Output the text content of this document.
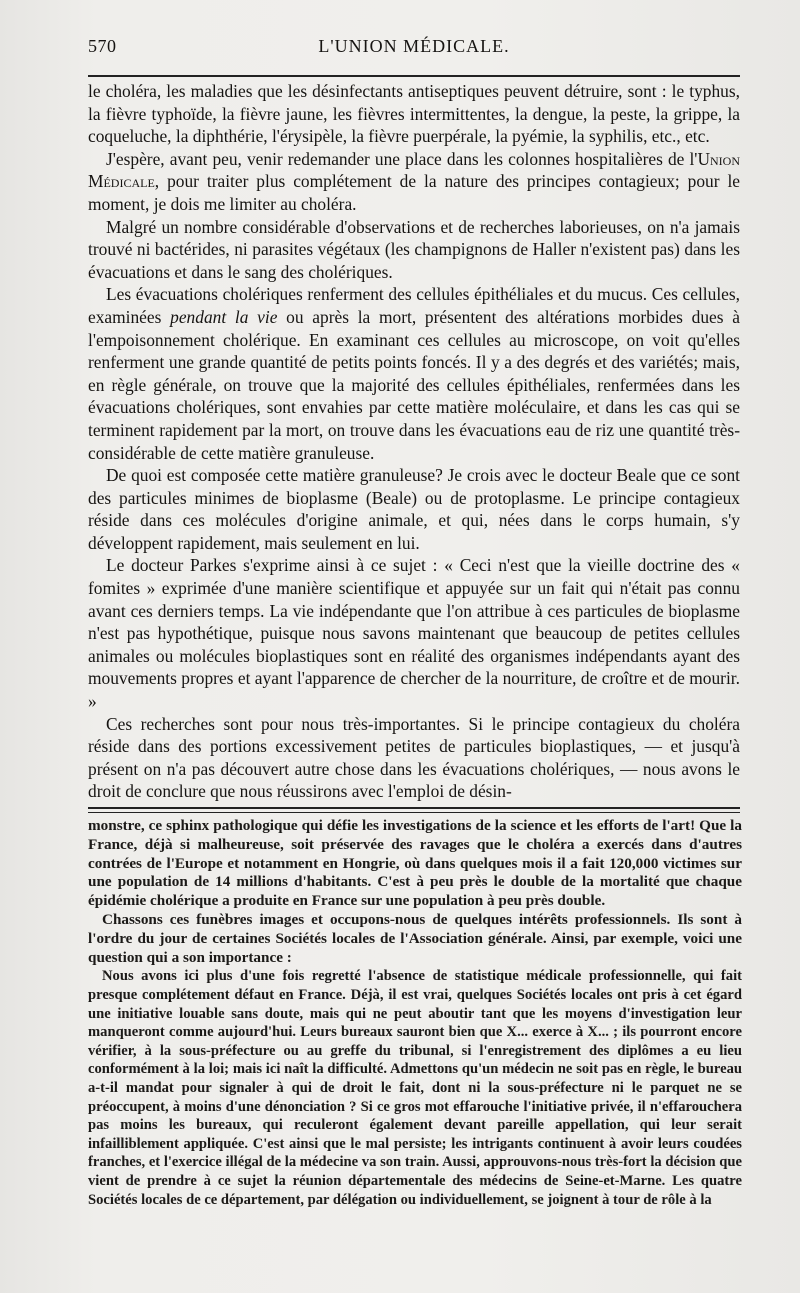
570	L'UNION MÉDICALE.

le choléra, les maladies que les désinfectants antiseptiques peuvent détruire, sont : le typhus, la fièvre typhoïde, la fièvre jaune, les fièvres intermittentes, la dengue, la peste, la grippe, la coqueluche, la diphthérie, l'érysipèle, la fièvre puerpérale, la pyémie, la syphilis, etc., etc.

J'espère, avant peu, venir redemander une place dans les colonnes hospitalières de l'Union Médicale, pour traiter plus complétement de la nature des principes contagieux; pour le moment, je dois me limiter au choléra.

Malgré un nombre considérable d'observations et de recherches laborieuses, on n'a jamais trouvé ni bactérides, ni parasites végétaux (les champignons de Haller n'existent pas) dans les évacuations et dans le sang des cholériques.

Les évacuations cholériques renferment des cellules épithéliales et du mucus. Ces cellules, examinées pendant la vie ou après la mort, présentent des altérations morbides dues à l'empoisonnement cholérique. En examinant ces cellules au microscope, on voit qu'elles renferment une grande quantité de petits points foncés. Il y a des degrés et des variétés; mais, en règle générale, on trouve que la majorité des cellules épithéliales, renfermées dans les évacuations cholériques, sont envahies par cette matière moléculaire, et dans les cas qui se terminent rapidement par la mort, on trouve dans les évacuations eau de riz une quantité très-considérable de cette matière granuleuse.

De quoi est composée cette matière granuleuse? Je crois avec le docteur Beale que ce sont des particules minimes de bioplasme (Beale) ou de protoplasme. Le principe contagieux réside dans ces molécules d'origine animale, et qui, nées dans le corps humain, s'y développent rapidement, mais seulement en lui.

Le docteur Parkes s'exprime ainsi à ce sujet : « Ceci n'est que la vieille doctrine des « fomites » exprimée d'une manière scientifique et appuyée sur un fait qui n'était pas connu avant ces derniers temps. La vie indépendante que l'on attribue à ces particules de bioplasme n'est pas hypothétique, puisque nous savons maintenant que beaucoup de petites cellules animales ou molécules bioplastiques sont en réalité des organismes indépendants ayant des mouvements propres et ayant l'apparence de chercher de la nourriture, de croître et de mourir. »

Ces recherches sont pour nous très-importantes. Si le principe contagieux du choléra réside dans des portions excessivement petites de particules bioplastiques, — et jusqu'à présent on n'a pas découvert autre chose dans les évacuations cholériques, — nous avons le droit de conclure que nous réussirons avec l'emploi de désin-

monstre, ce sphinx pathologique qui défie les investigations de la science et les efforts de l'art! Que la France, déjà si malheureuse, soit préservée des ravages que le choléra a exercés dans d'autres contrées de l'Europe et notamment en Hongrie, où dans quelques mois il a fait 120,000 victimes sur une population de 14 millions d'habitants. C'est à peu près le double de la mortalité que chaque épidémie cholérique a produite en France sur une population à peu près double.

Chassons ces funèbres images et occupons-nous de quelques intérêts professionnels. Ils sont à l'ordre du jour de certaines Sociétés locales de l'Association générale. Ainsi, par exemple, voici une question qui a son importance :

Nous avons ici plus d'une fois regretté l'absence de statistique médicale professionnelle, qui fait presque complétement défaut en France. Déjà, il est vrai, quelques Sociétés locales ont pris à cet égard une initiative louable sans doute, mais qui ne peut aboutir tant que les moyens d'investigation leur manqueront comme aujourd'hui. Leurs bureaux sauront bien que X... exerce à X... ; ils pourront encore vérifier, à la sous-préfecture ou au greffe du tribunal, si l'enregistrement des diplômes a eu lieu conformément à la loi; mais ici naît la difficulté. Admettons qu'un médecin ne soit pas en règle, le bureau a-t-il mandat pour signaler à qui de droit le fait, dont ni la sous-préfecture ni le parquet ne se préoccupent, à moins d'une dénonciation ? Si ce gros mot effarouche l'initiative privée, il n'effarouchera pas moins les bureaux, qui reculeront également devant pareille appellation, qui leur serait infailliblement appliquée. C'est ainsi que le mal persiste; les intrigants continuent à avoir leurs coudées franches, et l'exercice illégal de la médecine va son train. Aussi, approuvons-nous très-fort la décision que vient de prendre à ce sujet la réunion départementale des médecins de Seine-et-Marne. Les quatre Sociétés locales de ce département, par délégation ou individuellement, se joignent à tour de rôle à la
